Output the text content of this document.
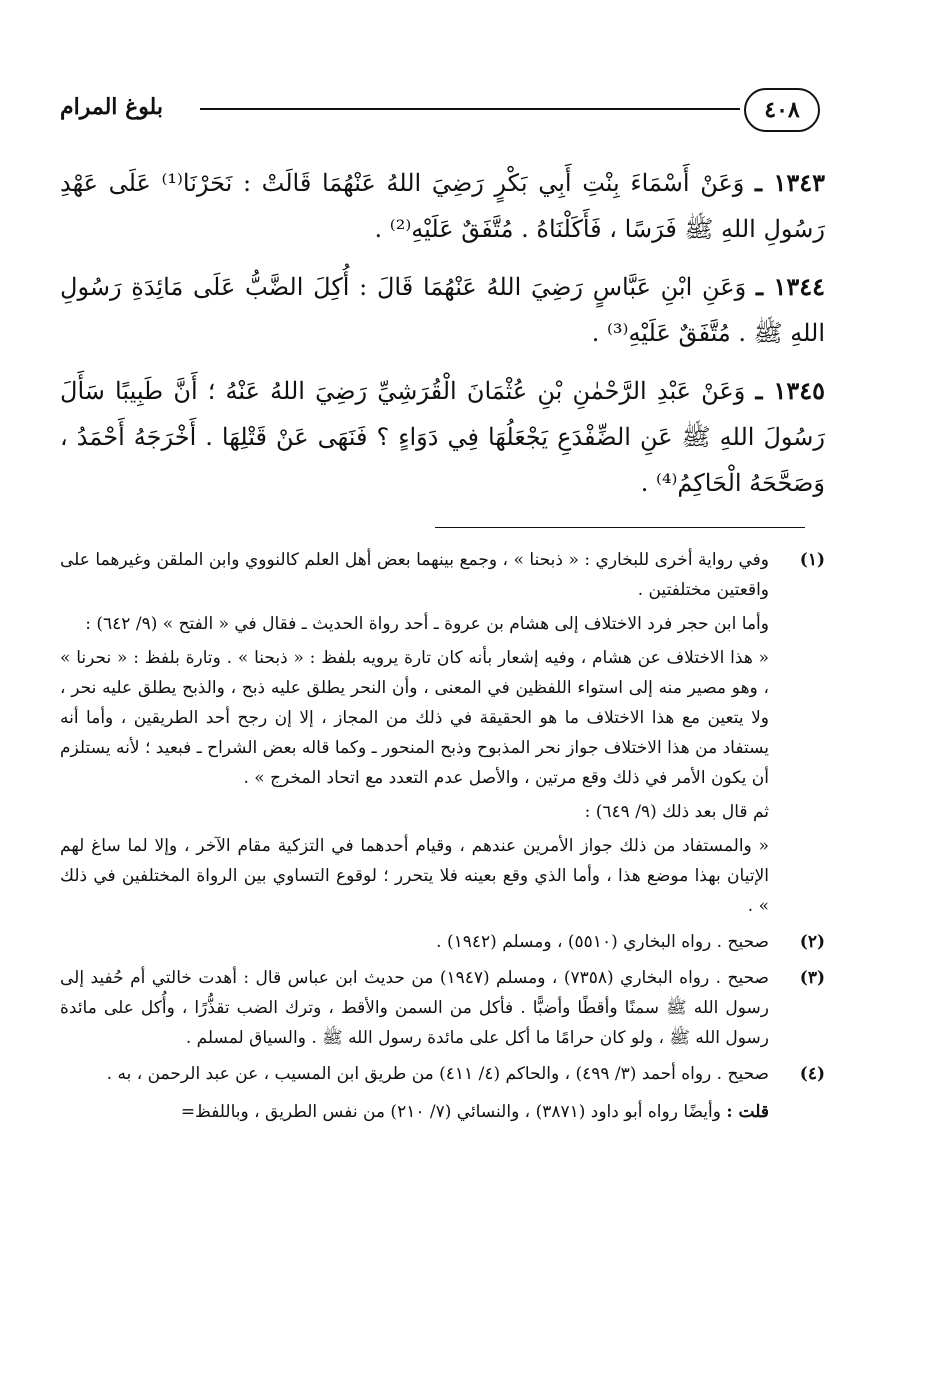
٤٠٨
بلوغ المرام
١٣٤٣ ـ وَعَنْ أَسْمَاءَ بِنْتِ أَبِي بَكْرٍ رَضِيَ اللهُ عَنْهُمَا قَالَتْ : نَحَرْنَا⁽¹⁾ عَلَى عَهْدِ رَسُولِ اللهِ ﷺ فَرَسًا ، فَأَكَلْنَاهُ . مُتَّفَقٌ عَلَيْهِ⁽²⁾ .
١٣٤٤ ـ وَعَنِ ابْنِ عَبَّاسٍ رَضِيَ اللهُ عَنْهُمَا قَالَ : أُكِلَ الضَّبُّ عَلَى مَائِدَةِ رَسُولِ اللهِ ﷺ . مُتَّفَقٌ عَلَيْهِ⁽³⁾ .
١٣٤٥ ـ وَعَنْ عَبْدِ الرَّحْمٰنِ بْنِ عُثْمَانَ الْقُرَشِيِّ رَضِيَ اللهُ عَنْهُ ؛ أَنَّ طَبِيبًا سَأَلَ رَسُولَ اللهِ ﷺ عَنِ الضِّفْدَعِ يَجْعَلُهَا فِي دَوَاءٍ ؟ فَنَهَى عَنْ قَتْلِهَا . أَخْرَجَهُ أَحْمَدُ ، وَصَحَّحَهُ الْحَاكِمُ⁽⁴⁾ .
(١)

وفي رواية أخرى للبخاري : « ذبحنا » ، وجمع بينهما بعض أهل العلم كالنووي وابن الملقن وغيرهما على واقعتين مختلفتين .

وأما ابن حجر فرد الاختلاف إلى هشام بن عروة ـ أحد رواة الحديث ـ فقال في « الفتح » (٩/ ٦٤٢) :

« هذا الاختلاف عن هشام ، وفيه إشعار بأنه كان تارة يرويه بلفظ : « ذبحنا » . وتارة بلفظ : « نحرنا » ، وهو مصير منه إلى استواء اللفظين في المعنى ، وأن النحر يطلق عليه ذبح ، والذبح يطلق عليه نحر ، ولا يتعين مع هذا الاختلاف ما هو الحقيقة في ذلك من المجاز ، إلا إن رجح أحد الطريقين ، وأما أنه يستفاد من هذا الاختلاف جواز نحر المذبوح وذبح المنحور ـ وكما قاله بعض الشراح ـ فبعيد ؛ لأنه يستلزم أن يكون الأمر في ذلك وقع مرتين ، والأصل عدم التعدد مع اتحاد المخرج » .

ثم قال بعد ذلك (٩/ ٦٤٩) :

« والمستفاد من ذلك جواز الأمرين عندهم ، وقيام أحدهما في التزكية مقام الآخر ، وإلا لما ساغ لهم الإتيان بهذا موضع هذا ، وأما الذي وقع بعينه فلا يتحرر ؛ لوقوع التساوي بين الرواة المختلفين في ذلك » .

(٢)

صحيح . رواه البخاري (٥٥١٠) ، ومسلم (١٩٤٢) .

(٣)

صحيح . رواه البخاري (٧٣٥٨) ، ومسلم (١٩٤٧) من حديث ابن عباس قال : أهدت خالتي أم حُفيد إلى رسول الله ﷺ سمنًا وأقطًا وأضبًّا . فأكل من السمن والأقط ، وترك الضب تقذُّرًا ، وأُكل على مائدة رسول الله ﷺ ، ولو كان حرامًا ما أكل على مائدة رسول الله ﷺ . والسياق لمسلم .

(٤)

صحيح . رواه أحمد (٣/ ٤٩٩) ، والحاكم (٤/ ٤١١) من طريق ابن المسيب ، عن عبد الرحمن ، به .

قلت : وأيضًا رواه أبو داود (٣٨٧١) ، والنسائي (٧/ ٢١٠) من نفس الطريق ، وباللفظ=
